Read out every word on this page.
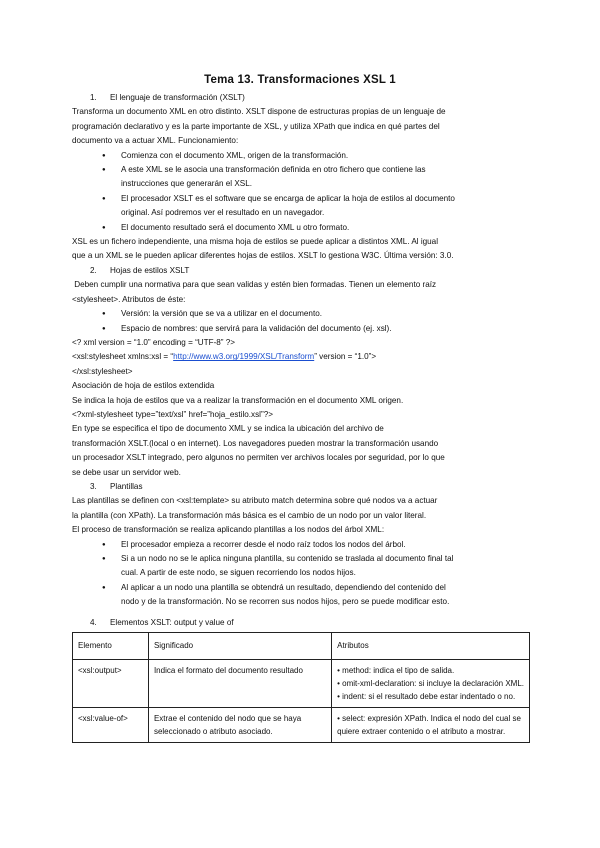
Tema 13. Transformaciones XSL 1

1. El lenguaje de transformación (XSLT)

Transforma un documento XML en otro distinto. XSLT dispone de estructuras propias de un lenguaje de

programación declarativo y es la parte importante de XSL, y utiliza XPath que indica en qué partes del

documento va a actuar XML. Funcionamiento:

● Comienza con el documento XML, origen de la transformación.
● A este XML se le asocia una transformación definida en otro fichero que contiene las
instrucciones que generarán el XSL.
● El procesador XSLT es el software que se encarga de aplicar la hoja de estilos al documento
original. Así podremos ver el resultado en un navegador.
● El documento resultado será el documento XML u otro formato.

XSL es un fichero independiente, una misma hoja de estilos se puede aplicar a distintos XML. Al igual

que a un XML se le pueden aplicar diferentes hojas de estilos. XSLT lo gestiona W3C. Última versión: 3.0.

2. Hojas de estilos XSLT

Deben cumplir una normativa para que sean validas y estén bien formadas. Tienen un elemento raíz

<stylesheet>. Atributos de éste:

● Versión: la versión que se va a utilizar en el documento.
● Espacio de nombres: que servirá para la validación del documento (ej. xsl).

<? xml version = “1.0” encoding = “UTF-8” ?>

<xsl:stylesheet xmlns:xsl = “http://www.w3.org/1999/XSL/Transform” version = “1.0”>

</xsl:stylesheet>

Asociación de hoja de estilos extendida

Se indica la hoja de estilos que va a realizar la transformación en el documento XML origen.

<?xml-stylesheet type=”text/xsl” href=”hoja_estilo.xsl”?>

En type se especifica el tipo de documento XML y se indica la ubicación del archivo de

transformación XSLT.(local o en internet). Los navegadores pueden mostrar la transformación usando

un procesador XSLT integrado, pero algunos no permiten ver archivos locales por seguridad, por lo que

se debe usar un servidor web.

3. Plantillas

Las plantillas se definen con <xsl:template> su atributo match determina sobre qué nodos va a actuar

la plantilla (con XPath). La transformación más básica es el cambio de un nodo por un valor literal.

El proceso de transformación se realiza aplicando plantillas a los nodos del árbol XML:

● El procesador empieza a recorrer desde el nodo raíz todos los nodos del árbol.
● Si a un nodo no se le aplica ninguna plantilla, su contenido se traslada al documento final tal
cual. A partir de este nodo, se siguen recorriendo los nodos hijos.
● Al aplicar a un nodo una plantilla se obtendrá un resultado, dependiendo del contenido del
nodo y de la transformación. No se recorren sus nodos hijos, pero se puede modificar esto.

4. Elementos XSLT: output y value of

Elemento	Significado	Atributos
<xsl:output>	Indica el formato del documento resultado	• method: indica el tipo de salida.
• omit-xml-declaration: si incluye la declaración XML.
• indent: si el resultado debe estar indentado o no.

<xsl:value-of>	Extrae el contenido del nodo que se haya seleccionado o atributo asociado.	• select: expresión XPath. Indica el nodo del cual se quiere extraer contenido o el atributo a mostrar.
